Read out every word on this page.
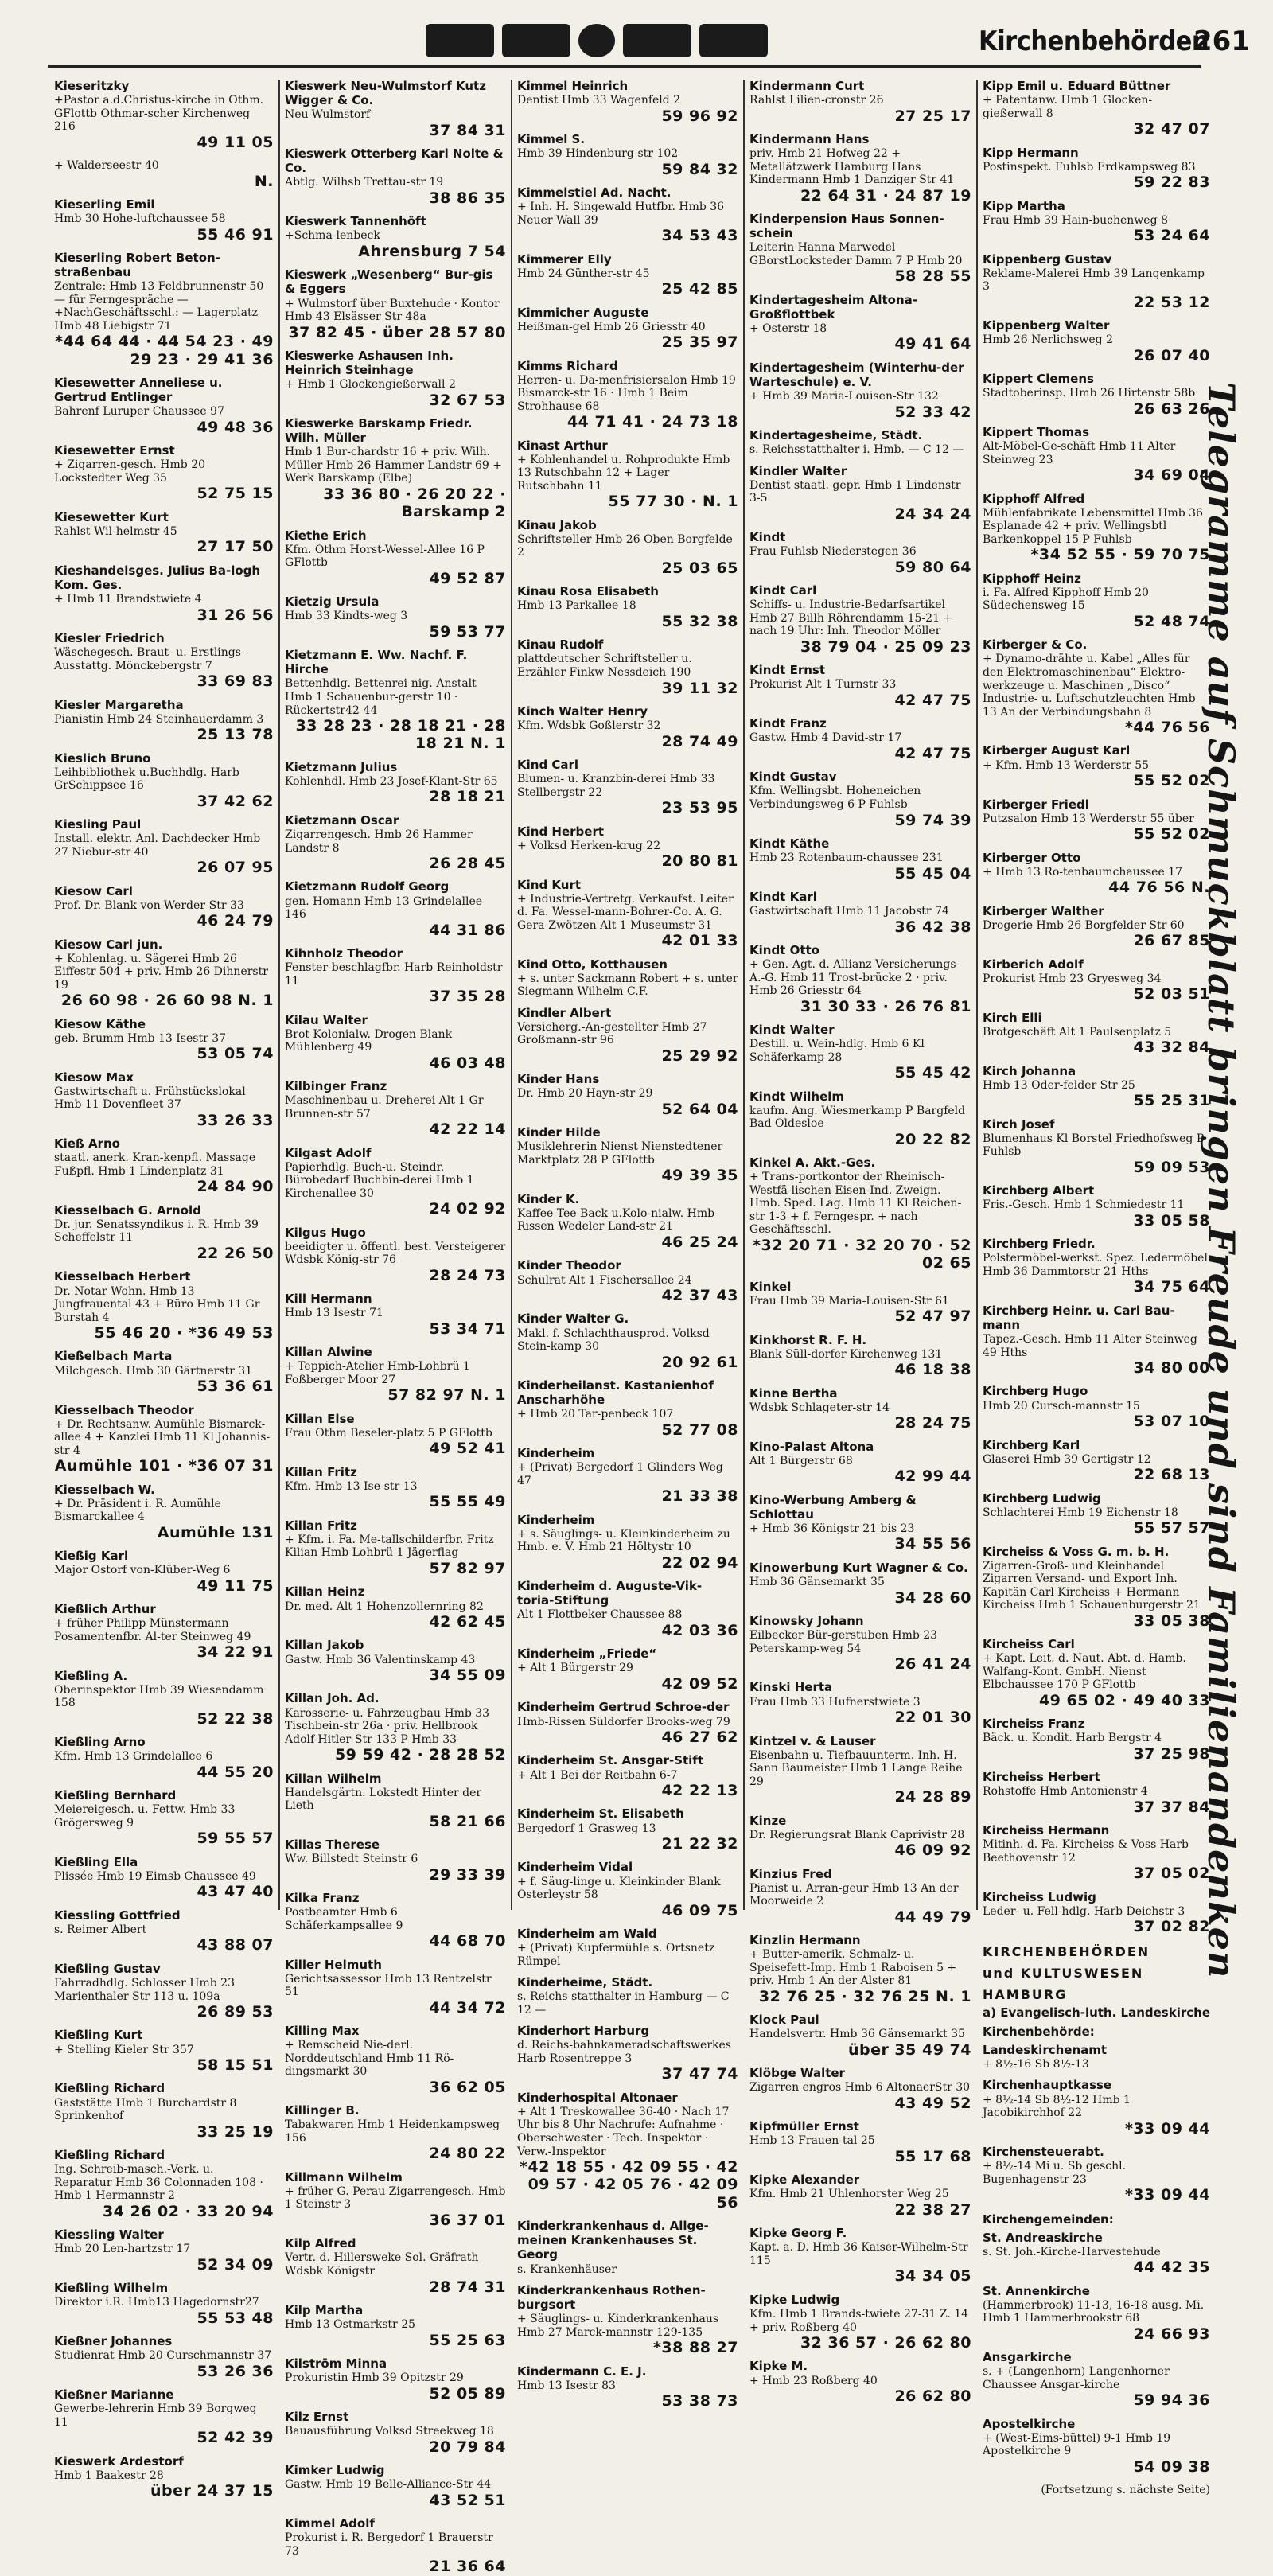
Kirchenbehörden
261
Kieseritzky
+Pastor a.d.Christus-kirche in Othm. GFlottb Othmar-scher Kirchenweg 216
49 11 05
+ Walderseestr 40
N.
Kieserling Emil
Hmb 30 Hohe-luftchaussee 58
55 46 91
Kieserling Robert Beton-straßenbau
Zentrale: Hmb 13 Feldbrunnenstr 50 — für Ferngespräche — +NachGeschäftsschl.: — Lagerplatz Hmb 48 Liebigstr 71
*44 64 44 · 44 54 23 · 49 29 23 · 29 41 36
Kiesewetter Anneliese u. Gertrud Entlinger
Bahrenf Luruper Chaussee 97
49 48 36
Kiesewetter Ernst
+ Zigarren-gesch. Hmb 20 Lockstedter Weg 35
52 75 15
Kiesewetter Kurt
Rahlst Wil-helmstr 45
27 17 50
Kieshandelsges. Julius Ba-logh Kom. Ges.
+ Hmb 11 Brandstwiete 4
31 26 56
Kiesler Friedrich
Wäschegesch. Braut- u. Erstlings-Ausstattg. Mönckebergstr 7
33 69 83
Kiesler Margaretha
Pianistin Hmb 24 Steinhauerdamm 3
25 13 78
Kieslich Bruno
Leihbibliothek u.Buchhdlg. Harb GrSchippsee 16
37 42 62
Kiesling Paul
Install. elektr. Anl. Dachdecker Hmb 27 Niebur-str 40
26 07 95
Kiesow Carl
Prof. Dr. Blank von-Werder-Str 33
46 24 79
Kiesow Carl jun.
+ Kohlenlag. u. Sägerei Hmb 26 Eiffestr 504 + priv. Hmb 26 Dihnerstr 19
26 60 98 · 26 60 98 N. 1
Kiesow Käthe
geb. Brumm Hmb 13 Isestr 37
53 05 74
Kiesow Max
Gastwirtschaft u. Frühstückslokal Hmb 11 Dovenfleet 37
33 26 33
Kieß Arno
staatl. anerk. Kran-kenpfl. Massage Fußpfl. Hmb 1 Lindenplatz 31
24 84 90
Kiesselbach G. Arnold
Dr. jur. Senatssyndikus i. R. Hmb 39 Scheffelstr 11
22 26 50
Kiesselbach Herbert
Dr. Notar Wohn. Hmb 13 Jungfrauental 43 + Büro Hmb 11 Gr Burstah 4
55 46 20 · *36 49 53
Kießelbach Marta
Milchgesch. Hmb 30 Gärtnerstr 31
53 36 61
Kiesselbach Theodor
+ Dr. Rechtsanw. Aumühle Bismarck-allee 4 + Kanzlei Hmb 11 Kl Johannis-str 4
Aumühle 101 · *36 07 31
Kiesselbach W.
+ Dr. Präsident i. R. Aumühle Bismarckallee 4
Aumühle 131
Kießig Karl
Major Ostorf von-Klüber-Weg 6
49 11 75
Kießlich Arthur
+ früher Philipp Münstermann Posamentenfbr. Al-ter Steinweg 49
34 22 91
Kießling A.
Oberinspektor Hmb 39 Wiesendamm 158
52 22 38
Kießling Arno
Kfm. Hmb 13 Grindelallee 6
44 55 20
Kießling Bernhard
Meiereigesch. u. Fettw. Hmb 33 Grögersweg 9
59 55 57
Kießling Ella
Plissée Hmb 19 Eimsb Chaussee 49
43 47 40
Kiessling Gottfried
s. Reimer Albert
43 88 07
Kießling Gustav
Fahrradhdlg. Schlosser Hmb 23 Marienthaler Str 113 u. 109a
26 89 53
Kießling Kurt
+ Stelling Kieler Str 357
58 15 51
Kießling Richard
Gaststätte Hmb 1 Burchardstr 8 Sprinkenhof
33 25 19
Kießling Richard
Ing. Schreib-masch.-Verk. u. Reparatur Hmb 36 Colonnaden 108 · Hmb 1 Hermannstr 2
34 26 02 · 33 20 94
Kiessling Walter
Hmb 20 Len-hartzstr 17
52 34 09
Kießling Wilhelm
Direktor i.R. Hmb13 Hagedornstr27
55 53 48
Kießner Johannes
Studienrat Hmb 20 Curschmannstr 37
53 26 36
Kießner Marianne
Gewerbe-lehrerin Hmb 39 Borgweg 11
52 42 39
Kieswerk Ardestorf
Hmb 1 Baakestr 28
über 24 37 15
Kieswerk Neu-Wulmstorf Kutz Wigger & Co.
Neu-Wulmstorf
37 84 31
Kieswerk Otterberg Karl Nolte & Co.
Abtlg. Wilhsb Trettau-str 19
38 86 35
Kieswerk Tannenhöft
+Schma-lenbeck
Ahrensburg 7 54
Kieswerk „Wesenberg“ Bur-gis & Eggers
+ Wulmstorf über Buxtehude · Kontor Hmb 43 Elsässer Str 48a
37 82 45 · über 28 57 80
Kieswerke Ashausen Inh. Heinrich Steinhage
+ Hmb 1 Glockengießerwall 2
32 67 53
Kieswerke Barskamp Friedr. Wilh. Müller
Hmb 1 Bur-chardstr 16 + priv. Wilh. Müller Hmb 26 Hammer Landstr 69 + Werk Barskamp (Elbe)
33 36 80 · 26 20 22 · Barskamp 2
Kiethe Erich
Kfm. Othm Horst-Wessel-Allee 16 P GFlottb
49 52 87
Kietzig Ursula
Hmb 33 Kindts-weg 3
59 53 77
Kietzmann E. Ww. Nachf. F. Hirche
Bettenhdlg. Bettenrei-nig.-Anstalt Hmb 1 Schauenbur-gerstr 10 · Rückertstr42-44
33 28 23 · 28 18 21 · 28 18 21 N. 1
Kietzmann Julius
Kohlenhdl. Hmb 23 Josef-Klant-Str 65
28 18 21
Kietzmann Oscar
Zigarrengesch. Hmb 26 Hammer Landstr 8
26 28 45
Kietzmann Rudolf Georg
gen. Homann Hmb 13 Grindelallee 146
44 31 86
Kihnholz Theodor
Fenster-beschlagfbr. Harb Reinholdstr 11
37 35 28
Kilau Walter
Brot Kolonialw. Drogen Blank Mühlenberg 49
46 03 48
Kilbinger Franz
Maschinenbau u. Dreherei Alt 1 Gr Brunnen-str 57
42 22 14
Kilgast Adolf
Papierhdlg. Buch-u. Steindr. Bürobedarf Buchbin-derei Hmb 1 Kirchenallee 30
24 02 92
Kilgus Hugo
beeidigter u. öffentl. best. Versteigerer Wdsbk König-str 76
28 24 73
Kill Hermann
Hmb 13 Isestr 71
53 34 71
Killan Alwine
+ Teppich-Atelier Hmb-Lohbrü 1 Foßberger Moor 27
57 82 97 N. 1
Killan Else
Frau Othm Beseler-platz 5 P GFlottb
49 52 41
Killan Fritz
Kfm. Hmb 13 Ise-str 13
55 55 49
Killan Fritz
+ Kfm. i. Fa. Me-tallschilderfbr. Fritz Kilian Hmb Lohbrü 1 Jägerflag
57 82 97
Killan Heinz
Dr. med. Alt 1 Hohenzollernring 82
42 62 45
Killan Jakob
Gastw. Hmb 36 Valentinskamp 43
34 55 09
Killan Joh. Ad.
Karosserie- u. Fahrzeugbau Hmb 33 Tischbein-str 26a · priv. Hellbrook Adolf-Hitler-Str 133 P Hmb 33
59 59 42 · 28 28 52
Killan Wilhelm
Handelsgärtn. Lokstedt Hinter der Lieth
58 21 66
Killas Therese
Ww. Billstedt Steinstr 6
29 33 39
Kilka Franz
Postbeamter Hmb 6 Schäferkampsallee 9
44 68 70
Killer Helmuth
Gerichtsassessor Hmb 13 Rentzelstr 51
44 34 72
Killing Max
+ Remscheid Nie-derl. Norddeutschland Hmb 11 Rö-dingsmarkt 30
36 62 05
Killinger B.
Tabakwaren Hmb 1 Heidenkampsweg 156
24 80 22
Killmann Wilhelm
+ früher G. Perau Zigarrengesch. Hmb 1 Steinstr 3
36 37 01
Kilp Alfred
Vertr. d. Hillersweke Sol.-Gräfrath Wdsbk Königstr
28 74 31
Kilp Martha
Hmb 13 Ostmarkstr 25
55 25 63
Kilström Minna
Prokuristin Hmb 39 Opitzstr 29
52 05 89
Kilz Ernst
Bauausführung Volksd Streekweg 18
20 79 84
Kimker Ludwig
Gastw. Hmb 19 Belle-Alliance-Str 44
43 52 51
Kimmel Adolf
Prokurist i. R. Bergedorf 1 Brauerstr 73
21 36 64
Kimmel Heinrich
Dentist Hmb 33 Wagenfeld 2
59 96 92
Kimmel S.
Hmb 39 Hindenburg-str 102
59 84 32
Kimmelstiel Ad. Nacht.
+ Inh. H. Singewald Hutfbr. Hmb 36 Neuer Wall 39
34 53 43
Kimmerer Elly
Hmb 24 Günther-str 45
25 42 85
Kimmicher Auguste
Heißman-gel Hmb 26 Griesstr 40
25 35 97
Kimms Richard
Herren- u. Da-menfrisiersalon Hmb 19 Bismarck-str 16 · Hmb 1 Beim Strohhause 68
44 71 41 · 24 73 18
Kinast Arthur
+ Kohlenhandel u. Rohprodukte Hmb 13 Rutschbahn 12 + Lager Rutschbahn 11
55 77 30 · N. 1
Kinau Jakob
Schriftsteller Hmb 26 Oben Borgfelde 2
25 03 65
Kinau Rosa Elisabeth
Hmb 13 Parkallee 18
55 32 38
Kinau Rudolf
plattdeutscher Schriftsteller u. Erzähler Finkw Nessdeich 190
39 11 32
Kinch Walter Henry
Kfm. Wdsbk Goßlerstr 32
28 74 49
Kind Carl
Blumen- u. Kranzbin-derei Hmb 33 Stellbergstr 22
23 53 95
Kind Herbert
+ Volksd Herken-krug 22
20 80 81
Kind Kurt
+ Industrie-Vertretg. Verkaufst. Leiter d. Fa. Wessel-mann-Bohrer-Co. A. G. Gera-Zwötzen Alt 1 Museumstr 31
42 01 33
Kind Otto, Kotthausen
+ s. unter Sackmann Robert + s. unter Siegmann Wilhelm C.F.
Kindler Albert
Versicherg.-An-gestellter Hmb 27 Großmann-str 96
25 29 92
Kinder Hans
Dr. Hmb 20 Hayn-str 29
52 64 04
Kinder Hilde
Musiklehrerin Nienst Nienstedtener Marktplatz 28 P GFlottb
49 39 35
Kinder K.
Kaffee Tee Back-u.Kolo-nialw. Hmb-Rissen Wedeler Land-str 21
46 25 24
Kinder Theodor
Schulrat Alt 1 Fischersallee 24
42 37 43
Kinder Walter G.
Makl. f. Schlachthausprod. Volksd Stein-kamp 30
20 92 61
Kinderheilanst. Kastanienhof Anscharhöhe
+ Hmb 20 Tar-penbeck 107
52 77 08
Kinderheim
+ (Privat) Bergedorf 1 Glinders Weg 47
21 33 38
Kinderheim
+ s. Säuglings- u. Kleinkinderheim zu Hmb. e. V. Hmb 21 Höltystr 10
22 02 94
Kinderheim d. Auguste-Vik-toria-Stiftung
Alt 1 Flottbeker Chaussee 88
42 03 36
Kinderheim „Friede“
+ Alt 1 Bürgerstr 29
42 09 52
Kinderheim Gertrud Schroe-der
Hmb-Rissen Süldorfer Brooks-weg 79
46 27 62
Kinderheim St. Ansgar-Stift
+ Alt 1 Bei der Reitbahn 6-7
42 22 13
Kinderheim St. Elisabeth
Bergedorf 1 Grasweg 13
21 22 32
Kinderheim Vidal
+ f. Säug-linge u. Kleinkinder Blank Osterleystr 58
46 09 75
Kinderheim am Wald
+ (Privat) Kupfermühle s. Ortsnetz Rümpel
Kinderheime, Städt.
s. Reichs-statthalter in Hamburg — C 12 —
Kinderhort Harburg
d. Reichs-bahnkameradschaftswerkes Harb Rosentreppe 3
37 47 74
Kinderhospital Altonaer
+ Alt 1 Treskowallee 36-40 · Nach 17 Uhr bis 8 Uhr Nachrufe: Aufnahme · Oberschwester · Tech. Inspektor · Verw.-Inspektor
*42 18 55 · 42 09 55 · 42 09 57 · 42 05 76 · 42 09 56
Kinderkrankenhaus d. Allge-meinen Krankenhauses St. Georg
s. Krankenhäuser
Kinderkrankenhaus Rothen-burgsort
+ Säuglings- u. Kinderkrankenhaus Hmb 27 Marck-mannstr 129-135
*38 88 27
Kindermann C. E. J.
Hmb 13 Isestr 83
53 38 73
Kindermann Curt
Rahlst Lilien-cronstr 26
27 25 17
Kindermann Hans
priv. Hmb 21 Hofweg 22 + Metallätzwerk Hamburg Hans Kindermann Hmb 1 Danziger Str 41
22 64 31 · 24 87 19
Kinderpension Haus Sonnen-schein
Leiterin Hanna Marwedel GBorstLocksteder Damm 7 P Hmb 20
58 28 55
Kindertagesheim Altona-Großflottbek
+ Osterstr 18
49 41 64
Kindertagesheim (Winterhu-der Warteschule) e. V.
+ Hmb 39 Maria-Louisen-Str 132
52 33 42
Kindertagesheime, Städt.
s. Reichsstatthalter i. Hmb. — C 12 —
Kindler Walter
Dentist staatl. gepr. Hmb 1 Lindenstr 3-5
24 34 24
Kindt
Frau Fuhlsb Niederstegen 36
59 80 64
Kindt Carl
Schiffs- u. Industrie-Bedarfsartikel Hmb 27 Billh Röhrendamm 15-21 + nach 19 Uhr: Inh. Theodor Möller
38 79 04 · 25 09 23
Kindt Ernst
Prokurist Alt 1 Turnstr 33
42 47 75
Kindt Franz
Gastw. Hmb 4 David-str 17
42 47 75
Kindt Gustav
Kfm. Wellingsbt. Hoheneichen Verbindungsweg 6 P Fuhlsb
59 74 39
Kindt Käthe
Hmb 23 Rotenbaum-chaussee 231
55 45 04
Kindt Karl
Gastwirtschaft Hmb 11 Jacobstr 74
36 42 38
Kindt Otto
+ Gen.-Agt. d. Allianz Versicherungs-A.-G. Hmb 11 Trost-brücke 2 · priv. Hmb 26 Griesstr 64
31 30 33 · 26 76 81
Kindt Walter
Destill. u. Wein-hdlg. Hmb 6 Kl Schäferkamp 28
55 45 42
Kindt Wilhelm
kaufm. Ang. Wiesmerkamp P Bargfeld Bad Oldesloe
20 22 82
Kinkel A. Akt.-Ges.
+ Trans-portkontor der Rheinisch-Westfä-lischen Eisen-Ind. Zweign. Hmb. Sped. Lag. Hmb 11 Kl Reichen-str 1-3 + f. Ferngespr. + nach Geschäftsschl.
*32 20 71 · 32 20 70 · 52 02 65
Kinkel
Frau Hmb 39 Maria-Louisen-Str 61
52 47 97
Kinkhorst R. F. H.
Blank Süll-dorfer Kirchenweg 131
46 18 38
Kinne Bertha
Wdsbk Schlageter-str 14
28 24 75
Kino-Palast Altona
Alt 1 Bürgerstr 68
42 99 44
Kino-Werbung Amberg & Schlottau
+ Hmb 36 Königstr 21 bis 23
34 55 56
Kinowerbung Kurt Wagner & Co.
Hmb 36 Gänsemarkt 35
34 28 60
Kinowsky Johann
Eilbecker Bür-gerstuben Hmb 23 Peterskamp-weg 54
26 41 24
Kinski Herta
Frau Hmb 33 Hufnerstwiete 3
22 01 30
Kintzel v. & Lauser
Eisenbahn-u. Tiefbauunterm. Inh. H. Sann Baumeister Hmb 1 Lange Reihe 29
24 28 89
Kinze
Dr. Regierungsrat Blank Caprivistr 28
46 09 92
Kinzius Fred
Pianist u. Arran-geur Hmb 13 An der Moorweide 2
44 49 79
Kinzlin Hermann
+ Butter-amerik. Schmalz- u. Speisefett-Imp. Hmb 1 Raboisen 5 + priv. Hmb 1 An der Alster 81
32 76 25 · 32 76 25 N. 1
Klock Paul
Handelsvertr. Hmb 36 Gänsemarkt 35
über 35 49 74
Klöbge Walter
Zigarren engros Hmb 6 AltonaerStr 30
43 49 52
Kipfmüller Ernst
Hmb 13 Frauen-tal 25
55 17 68
Kipke Alexander
Kfm. Hmb 21 Uhlenhorster Weg 25
22 38 27
Kipke Georg F.
Kapt. a. D. Hmb 36 Kaiser-Wilhelm-Str 115
34 34 05
Kipke Ludwig
Kfm. Hmb 1 Brands-twiete 27-31 Z. 14 + priv. Roßberg 40
32 36 57 · 26 62 80
Kipke M.
+ Hmb 23 Roßberg 40
26 62 80
Kipp Emil u. Eduard Büttner
+ Patentanw. Hmb 1 Glocken-gießerwall 8
32 47 07
Kipp Hermann
Postinspekt. Fuhlsb Erdkampsweg 83
59 22 83
Kipp Martha
Frau Hmb 39 Hain-buchenweg 8
53 24 64
Kippenberg Gustav
Reklame-Malerei Hmb 39 Langenkamp 3
22 53 12
Kippenberg Walter
Hmb 26 Nerlichsweg 2
26 07 40
Kippert Clemens
Stadtoberinsp. Hmb 26 Hirtenstr 58b
26 63 26
Kippert Thomas
Alt-Möbel-Ge-schäft Hmb 11 Alter Steinweg 23
34 69 04
Kipphoff Alfred
Mühlenfabrikate Lebensmittel Hmb 36 Esplanade 42 + priv. Wellingsbtl Barkenkoppel 15 P Fuhlsb
*34 52 55 · 59 70 75
Kipphoff Heinz
i. Fa. Alfred Kipphoff Hmb 20 Südechensweg 15
52 48 74
Kirberger & Co.
+ Dynamo-drähte u. Kabel „Alles für den Elektromaschinenbau“ Elektro-werkzeuge u. Maschinen „Disco“ Industrie- u. Luftschutzleuchten Hmb 13 An der Verbindungsbahn 8
*44 76 56
Kirberger August Karl
+ Kfm. Hmb 13 Werderstr 55
55 52 02
Kirberger Friedl
Putzsalon Hmb 13 Werderstr 55 über
55 52 02
Kirberger Otto
+ Hmb 13 Ro-tenbaumchaussee 17
44 76 56 N.
Kirberger Walther
Drogerie Hmb 26 Borgfelder Str 60
26 67 85
Kirberich Adolf
Prokurist Hmb 23 Gryesweg 34
52 03 51
Kirch Elli
Brotgeschäft Alt 1 Paulsenplatz 5
43 32 84
Kirch Johanna
Hmb 13 Oder-felder Str 25
55 25 31
Kirch Josef
Blumenhaus Kl Borstel Friedhofsweg P Fuhlsb
59 09 53
Kirchberg Albert
Fris.-Gesch. Hmb 1 Schmiedestr 11
33 05 58
Kirchberg Friedr.
Polstermöbel-werkst. Spez. Ledermöbel Hmb 36 Dammtorstr 21 Hths
34 75 64
Kirchberg Heinr. u. Carl Bau-mann
Tapez.-Gesch. Hmb 11 Alter Steinweg 49 Hths
34 80 00
Kirchberg Hugo
Hmb 20 Cursch-mannstr 15
53 07 10
Kirchberg Karl
Glaserei Hmb 39 Gertigstr 12
22 68 13
Kirchberg Ludwig
Schlachterei Hmb 19 Eichenstr 18
55 57 57
Kircheiss & Voss G. m. b. H.
Zigarren-Groß- und Kleinhandel Zigarren Versand- und Export Inh. Kapitän Carl Kircheiss + Hermann Kircheiss Hmb 1 Schauenburgerstr 21
33 05 38
Kircheiss Carl
+ Kapt. Leit. d. Naut. Abt. d. Hamb. Walfang-Kont. GmbH. Nienst Elbchaussee 170 P GFlottb
49 65 02 · 49 40 33
Kircheiss Franz
Bäck. u. Kondit. Harb Bergstr 4
37 25 98
Kircheiss Herbert
Rohstoffe Hmb Antonienstr 4
37 37 84
Kircheiss Hermann
Mitinh. d. Fa. Kircheiss & Voss Harb Beethovenstr 12
37 05 02
Kircheiss Ludwig
Leder- u. Fell-hdlg. Harb Deichstr 3
37 02 82
KIRCHENBEHÖRDEN
und KULTUSWESEN
HAMBURG
a) Evangelisch-luth. Landeskirche
Kirchenbehörde:
Landeskirchenamt
+ 8½-16 Sb 8½-13
Kirchenhauptkasse
+ 8½-14 Sb 8½-12 Hmb 1 Jacobikirchhof 22
*33 09 44
Kirchensteuerabt.
+ 8½-14 Mi u. Sb geschl. Bugenhagenstr 23
*33 09 44
Kirchengemeinden:
St. Andreaskirche
s. St. Joh.-Kirche-Harvestehude
44 42 35
St. Annenkirche
(Hammerbrook) 11-13, 16-18 ausg. Mi. Hmb 1 Hammerbrookstr 68
24 66 93
Ansgarkirche
s. + (Langenhorn) Langenhorner Chaussee Ansgar-kirche
59 94 36
Apostelkirche
+ (West-Eims-büttel) 9-1 Hmb 19 Apostelkirche 9
54 09 38
(Fortsetzung s. nächste Seite)
Telegramme auf Schmuckblatt bringen Freude und sind Familienandenken
